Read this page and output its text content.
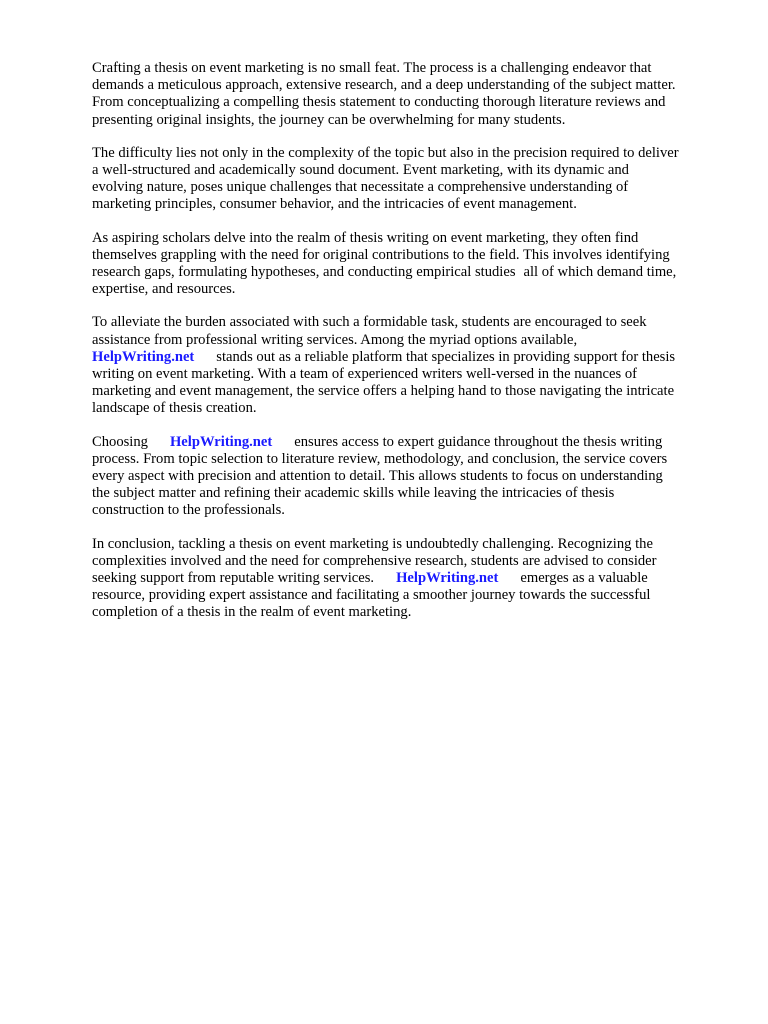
Crafting a thesis on event marketing is no small feat. The process is a challenging endeavor that
demands a meticulous approach, extensive research, and a deep understanding of the subject matter.
From conceptualizing a compelling thesis statement to conducting thorough literature reviews and
presenting original insights, the journey can be overwhelming for many students.

The difficulty lies not only in the complexity of the topic but also in the precision required to deliver
a well-structured and academically sound document. Event marketing, with its dynamic and
evolving nature, poses unique challenges that necessitate a comprehensive understanding of
marketing principles, consumer behavior, and the intricacies of event management.

As aspiring scholars delve into the realm of thesis writing on event marketing, they often find
themselves grappling with the need for original contributions to the field. This involves identifying
research gaps, formulating hypotheses, and conducting empirical studies all of which demand time,
expertise, and resources.

To alleviate the burden associated with such a formidable task, students are encouraged to seek
assistance from professional writing services. Among the myriad options available,
HelpWriting.net stands out as a reliable platform that specializes in providing support for thesis
writing on event marketing. With a team of experienced writers well-versed in the nuances of
marketing and event management, the service offers a helping hand to those navigating the intricate
landscape of thesis creation.

Choosing HelpWriting.net ensures access to expert guidance throughout the thesis writing
process. From topic selection to literature review, methodology, and conclusion, the service covers
every aspect with precision and attention to detail. This allows students to focus on understanding
the subject matter and refining their academic skills while leaving the intricacies of thesis
construction to the professionals.

In conclusion, tackling a thesis on event marketing is undoubtedly challenging. Recognizing the
complexities involved and the need for comprehensive research, students are advised to consider
seeking support from reputable writing services. HelpWriting.net emerges as a valuable
resource, providing expert assistance and facilitating a smoother journey towards the successful
completion of a thesis in the realm of event marketing.
